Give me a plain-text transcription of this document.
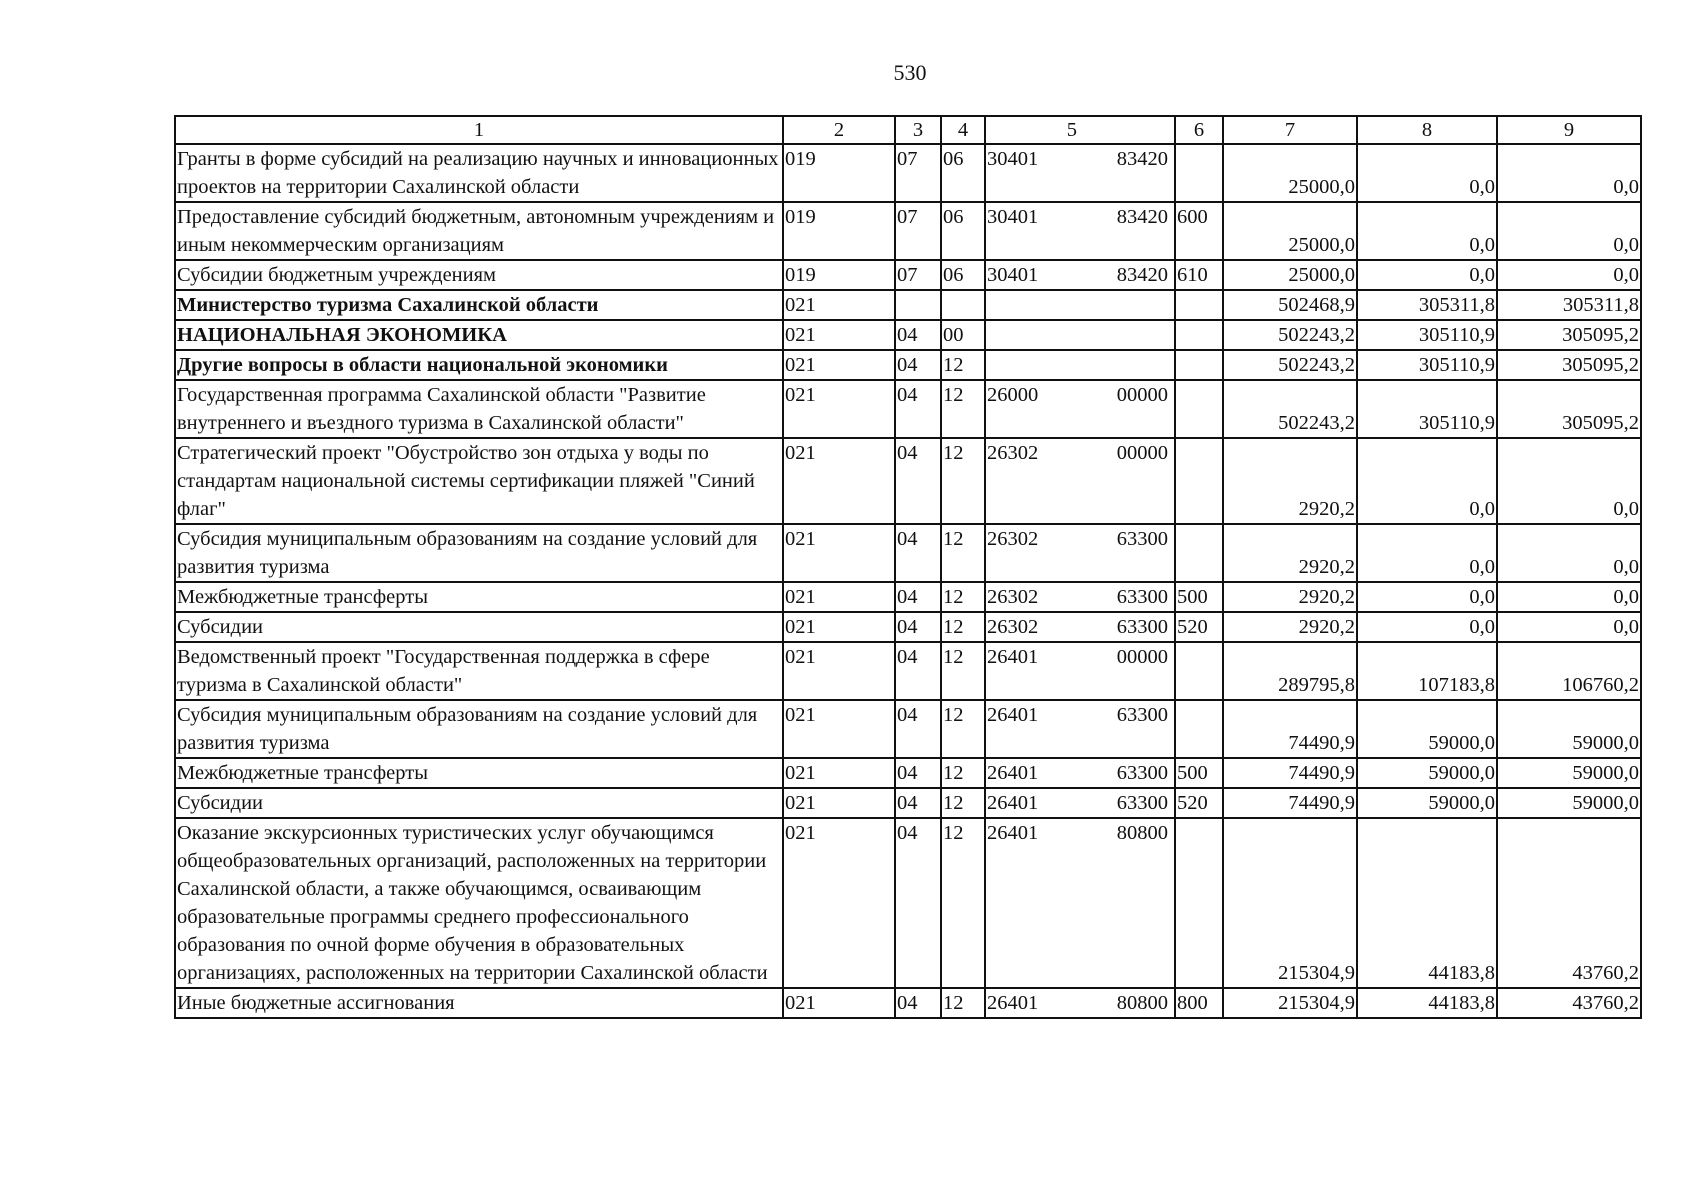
530
1	2	3	4	5		6	7	8	9
Гранты в форме субсидий на реализацию научных и инновационных проектов на территории Сахалинской области	019	07	06	30401	83420		25000,0	0,0	0,0
Предоставление субсидий бюджетным, автономным учреждениям и иным некоммерческим организациям	019	07	06	30401	83420	600	25000,0	0,0	0,0
Субсидии бюджетным учреждениям	019	07	06	30401	83420	610	25000,0	0,0	0,0
Министерство туризма Сахалинской области	021						502468,9	305311,8	305311,8
НАЦИОНАЛЬНАЯ ЭКОНОМИКА	021	04	00				502243,2	305110,9	305095,2
Другие вопросы в области национальной экономики	021	04	12				502243,2	305110,9	305095,2
Государственная программа Сахалинской области "Развитие внутреннего и въездного туризма в Сахалинской области"	021	04	12	26000	00000		502243,2	305110,9	305095,2
Стратегический проект "Обустройство зон отдыха у воды по стандартам национальной системы сертификации пляжей "Синий флаг"	021	04	12	26302	00000		2920,2	0,0	0,0
Субсидия муниципальным образованиям на создание условий для развития туризма	021	04	12	26302	63300		2920,2	0,0	0,0
Межбюджетные трансферты	021	04	12	26302	63300	500	2920,2	0,0	0,0
Субсидии	021	04	12	26302	63300	520	2920,2	0,0	0,0
Ведомственный проект "Государственная поддержка в сфере туризма в Сахалинской области"	021	04	12	26401	00000		289795,8	107183,8	106760,2
Субсидия муниципальным образованиям на создание условий для развития туризма	021	04	12	26401	63300		74490,9	59000,0	59000,0
Межбюджетные трансферты	021	04	12	26401	63300	500	74490,9	59000,0	59000,0
Субсидии	021	04	12	26401	63300	520	74490,9	59000,0	59000,0
Оказание экскурсионных туристических услуг обучающимся общеобразовательных организаций, расположенных на территории Сахалинской области, а также обучающимся, осваивающим образовательные программы среднего профессионального образования по очной форме обучения в образовательных организациях, расположенных на территории Сахалинской области	021	04	12	26401	80800		215304,9	44183,8	43760,2
Иные бюджетные ассигнования	021	04	12	26401	80800	800	215304,9	44183,8	43760,2
